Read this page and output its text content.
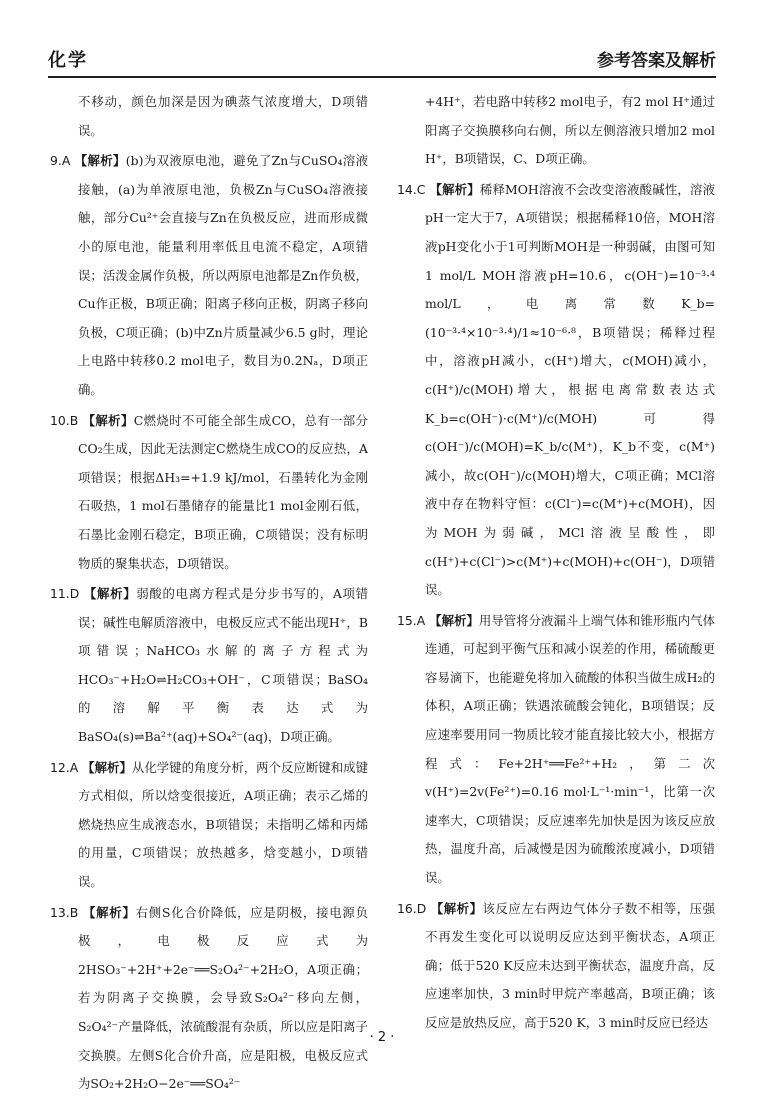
化学	参考答案及解析

不移动，颜色加深是因为碘蒸气浓度增大，D项错误。

9.A 【解析】(b)为双液原电池，避免了Zn与CuSO₄溶液接触，(a)为单液原电池，负极Zn与CuSO₄溶液接触，部分Cu²⁺会直接与Zn在负极反应，进而形成微小的原电池，能量利用率低且电流不稳定，A项错误；活泼金属作负极，所以两原电池都是Zn作负极，Cu作正极，B项正确；阳离子移向正极，阴离子移向负极，C项正确；(b)中Zn片质量减少6.5 g时，理论上电路中转移0.2 mol电子，数目为0.2Nₐ，D项正确。

10.B 【解析】C燃烧时不可能全部生成CO，总有一部分CO₂生成，因此无法测定C燃烧生成CO的反应热，A项错误；根据ΔH₃=+1.9 kJ/mol，石墨转化为金刚石吸热，1 mol石墨储存的能量比1 mol金刚石低，石墨比金刚石稳定，B项正确，C项错误；没有标明物质的聚集状态，D项错误。

11.D 【解析】弱酸的电离方程式是分步书写的，A项错误；碱性电解质溶液中，电极反应式不能出现H⁺，B项错误；NaHCO₃水解的离子方程式为HCO₃⁻+H₂O⇌H₂CO₃+OH⁻，C项错误；BaSO₄的溶解平衡表达式为BaSO₄(s)⇌Ba²⁺(aq)+SO₄²⁻(aq)，D项正确。

12.A 【解析】从化学键的角度分析，两个反应断键和成键方式相似，所以焓变很接近，A项正确；表示乙烯的燃烧热应生成液态水，B项错误；未指明乙烯和丙烯的用量，C项错误；放热越多，焓变越小，D项错误。

13.B 【解析】右侧S化合价降低，应是阴极，接电源负极，电极反应式为2HSO₃⁻+2H⁺+2e⁻══S₂O₄²⁻+2H₂O，A项正确；若为阴离子交换膜，会导致S₂O₄²⁻移向左侧，S₂O₄²⁻产量降低，浓硫酸混有杂质，所以应是阳离子交换膜。左侧S化合价升高，应是阳极，电极反应式为SO₂+2H₂O−2e⁻══SO₄²⁻

+4H⁺，若电路中转移2 mol电子，有2 mol H⁺通过阳离子交换膜移向右侧，所以左侧溶液只增加2 mol H⁺，B项错误，C、D项正确。

14.C 【解析】稀释MOH溶液不会改变溶液酸碱性，溶液pH一定大于7，A项错误；根据稀释10倍，MOH溶液pH变化小于1可判断MOH是一种弱碱，由图可知1 mol/L MOH溶液pH=10.6，c(OH⁻)=10⁻³·⁴ mol/L，电离常数K_b=(10⁻³·⁴×10⁻³·⁴)/1≈10⁻⁶·⁸，B项错误；稀释过程中，溶液pH减小，c(H⁺)增大，c(MOH)减小，c(H⁺)/c(MOH)增大，根据电离常数表达式K_b=c(OH⁻)·c(M⁺)/c(MOH)可得c(OH⁻)/c(MOH)=K_b/c(M⁺)，K_b不变，c(M⁺)减小，故c(OH⁻)/c(MOH)增大，C项正确；MCl溶液中存在物料守恒：c(Cl⁻)=c(M⁺)+c(MOH)，因为MOH为弱碱，MCl溶液呈酸性，即c(H⁺)+c(Cl⁻)>c(M⁺)+c(MOH)+c(OH⁻)，D项错误。

15.A 【解析】用导管将分液漏斗上端气体和锥形瓶内气体连通，可起到平衡气压和减小误差的作用，稀硫酸更容易滴下，也能避免将加入硫酸的体积当做生成H₂的体积，A项正确；铁遇浓硫酸会钝化，B项错误；反应速率要用同一物质比较才能直接比较大小，根据方程式：Fe+2H⁺══Fe²⁺+H₂，第二次v(H⁺)=2v(Fe²⁺)=0.16 mol·L⁻¹·min⁻¹，比第一次速率大，C项错误；反应速率先加快是因为该反应放热，温度升高，后减慢是因为硫酸浓度减小，D项错误。

16.D 【解析】该反应左右两边气体分子数不相等，压强不再发生变化可以说明反应达到平衡状态，A项正确；低于520 K反应未达到平衡状态，温度升高，反应速率加快，3 min时甲烷产率越高，B项正确；该反应是放热反应，高于520 K，3 min时反应已经达

· 2 ·
